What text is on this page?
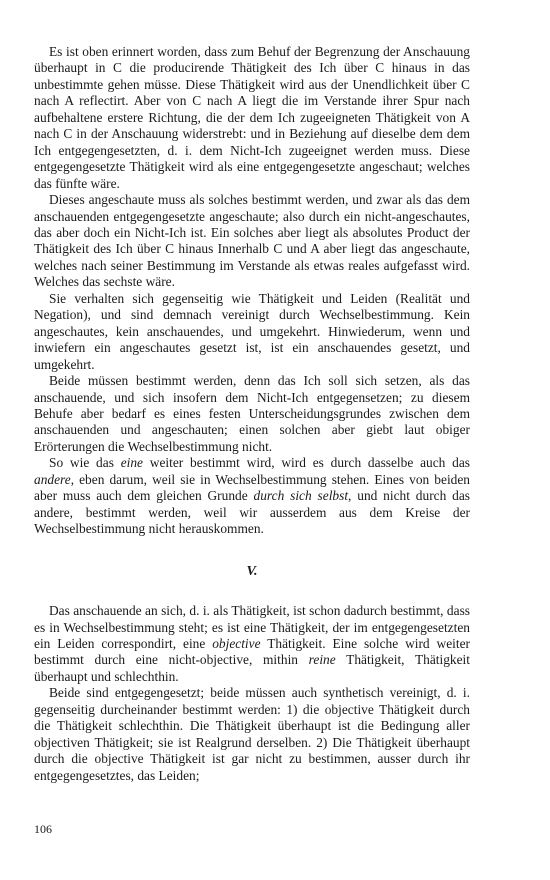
Es ist oben erinnert worden, dass zum Behuf der Begrenzung der Anschauung überhaupt in C die producirende Thätigkeit des Ich über C hinaus in das unbestimmte gehen müsse. Diese Thätigkeit wird aus der Unendlichkeit über C nach A reflectirt. Aber von C nach A liegt die im Verstande ihrer Spur nach aufbehaltene erstere Richtung, die der dem Ich zugeeigneten Thätigkeit von A nach C in der Anschauung widerstrebt: und in Beziehung auf dieselbe dem dem Ich entgegengesetzten, d. i. dem Nicht-Ich zugeeignet werden muss. Diese entgegengesetzte Thätigkeit wird als eine entgegengesetzte angeschaut; welches das fünfte wäre.

Dieses angeschaute muss als solches bestimmt werden, und zwar als das dem anschauenden entgegengesetzte angeschaute; also durch ein nicht-angeschautes, das aber doch ein Nicht-Ich ist. Ein solches aber liegt als absolutes Product der Thätigkeit des Ich über C hinaus Innerhalb C und A aber liegt das angeschaute, welches nach seiner Bestimmung im Verstande als etwas reales aufgefasst wird. Welches das sechste wäre.

Sie verhalten sich gegenseitig wie Thätigkeit und Leiden (Realität und Negation), und sind demnach vereinigt durch Wechselbestimmung. Kein angeschautes, kein anschauendes, und umgekehrt. Hinwiederum, wenn und inwiefern ein angeschautes gesetzt ist, ist ein anschauendes gesetzt, und umgekehrt.

Beide müssen bestimmt werden, denn das Ich soll sich setzen, als das anschauende, und sich insofern dem Nicht-Ich entgegensetzen; zu diesem Behufe aber bedarf es eines festen Unterscheidungsgrundes zwischen dem anschauenden und angeschauten; einen solchen aber giebt laut obiger Erörterungen die Wechselbestimmung nicht.

So wie das eine weiter bestimmt wird, wird es durch dasselbe auch das andere, eben darum, weil sie in Wechselbestimmung stehen. Eines von beiden aber muss auch dem gleichen Grunde durch sich selbst, und nicht durch das andere, bestimmt werden, weil wir ausserdem aus dem Kreise der Wechselbestimmung nicht herauskommen.

V.

Das anschauende an sich, d. i. als Thätigkeit, ist schon dadurch bestimmt, dass es in Wechselbestimmung steht; es ist eine Thätigkeit, der im entgegengesetzten ein Leiden correspondirt, eine objective Thätigkeit. Eine solche wird weiter bestimmt durch eine nicht-objective, mithin reine Thätigkeit, Thätigkeit überhaupt und schlechthin.

Beide sind entgegengesetzt; beide müssen auch synthetisch vereinigt, d. i. gegenseitig durcheinander bestimmt werden: 1) die objective Thätigkeit durch die Thätigkeit schlechthin. Die Thätigkeit überhaupt ist die Bedingung aller objectiven Thätigkeit; sie ist Realgrund derselben. 2) Die Thätigkeit überhaupt durch die objective Thätigkeit ist gar nicht zu bestimmen, ausser durch ihr entgegengesetztes, das Leiden;

106
